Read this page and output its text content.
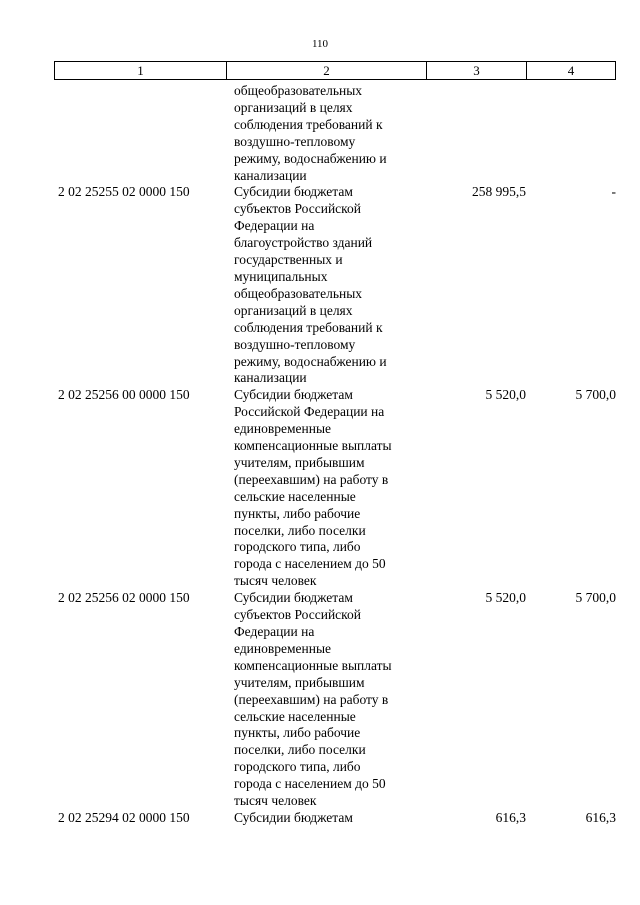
110
1	2	3	4
общеобразовательных
организаций в целях
соблюдения требований к
воздушно-тепловому
режиму, водоснабжению и
канализации
2 02 25255 02 0000 150	Субсидии бюджетам
субъектов Российской
Федерации на
благоустройство зданий
государственных и
муниципальных
общеобразовательных
организаций в целях
соблюдения требований к
воздушно-тепловому
режиму, водоснабжению и
канализации
258 995,5	-
2 02 25256 00 0000 150	Субсидии бюджетам
Российской Федерации на
единовременные
компенсационные выплаты
учителям, прибывшим
(переехавшим) на работу в
сельские населенные
пункты, либо рабочие
поселки, либо поселки
городского типа, либо
города с населением до 50
тысяч человек
5 520,0	5 700,0
2 02 25256 02 0000 150	Субсидии бюджетам
субъектов Российской
Федерации на
единовременные
компенсационные выплаты
учителям, прибывшим
(переехавшим) на работу в
сельские населенные
пункты, либо рабочие
поселки, либо поселки
городского типа, либо
города с населением до 50
тысяч человек
5 520,0	5 700,0
2 02 25294 02 0000 150	Субсидии бюджетам	616,3	616,3
